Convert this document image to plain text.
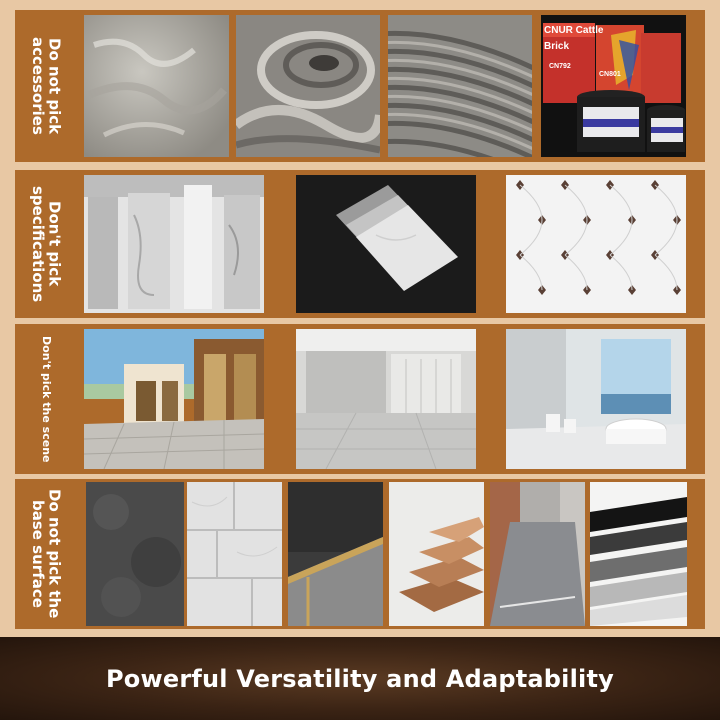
Do not pick accessories
CNUR Cattle
Brick
CN792
CN801
Don't pick specifications
Don't pick the scene
Do not pick the base surface
Powerful Versatility and Adaptability
